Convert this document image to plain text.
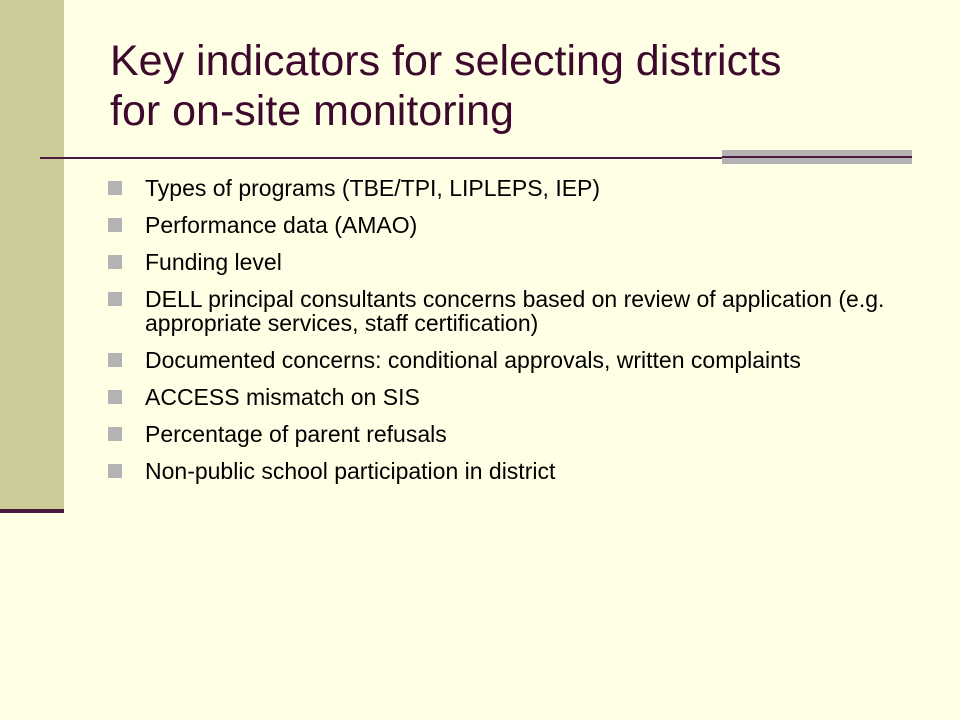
Key indicators for selecting districts
for on-site monitoring
Types of programs (TBE/TPI, LIPLEPS, IEP)
Performance data (AMAO)
Funding level
DELL principal consultants concerns based on review of application (e.g. appropriate services, staff certification)
Documented concerns: conditional approvals, written complaints
ACCESS mismatch on SIS
Percentage of parent refusals
Non-public school participation in district
